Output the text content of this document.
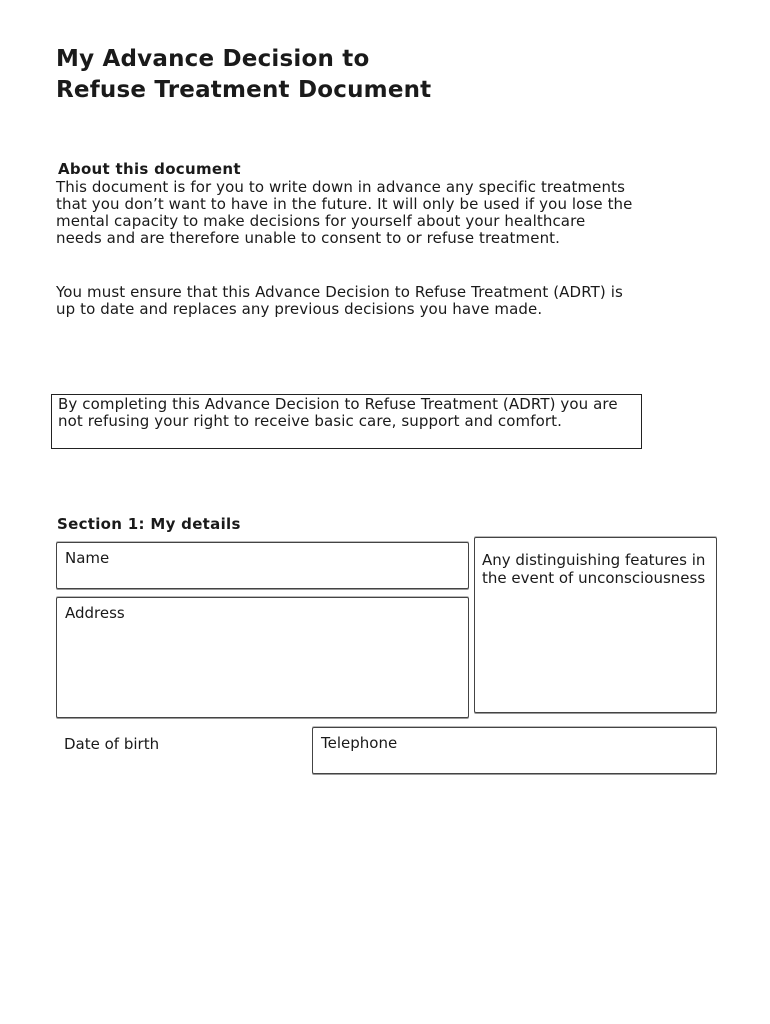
My Advance Decision to
Refuse Treatment Document
About this document

This document is for you to write down in advance any specific treatments that you don’t want to have in the future. It will only be used if you lose the mental capacity to make decisions for yourself about your healthcare needs and are therefore unable to consent to or refuse treatment.

You must ensure that this Advance Decision to Refuse Treatment (ADRT) is up to date and replaces any previous decisions you have made.

By completing this Advance Decision to Refuse Treatment (ADRT) you are not refusing your right to receive basic care, support and comfort.
Section 1: My details
Name
Address
Any distinguishing features in
the event of unconsciousness
Date of birth	Telephone
